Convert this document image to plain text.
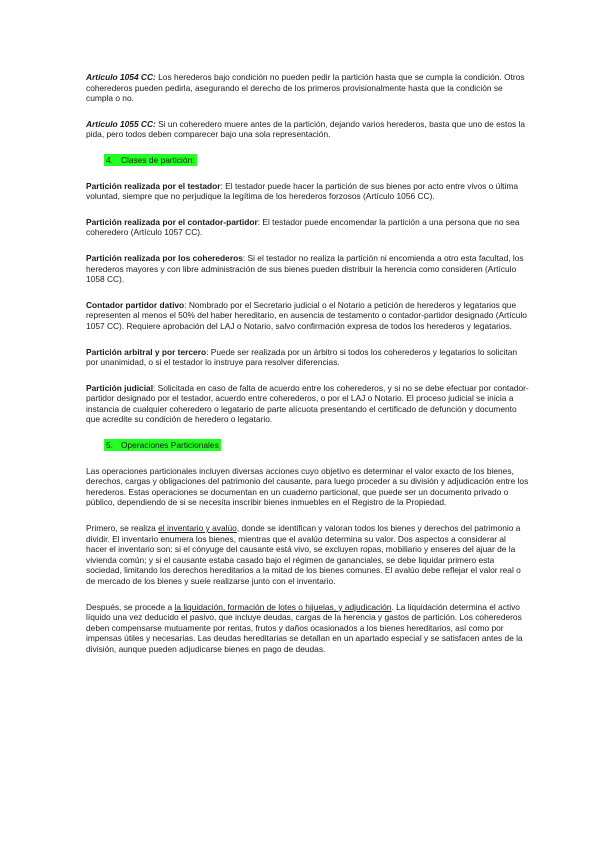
Artículo 1054 CC: Los herederos bajo condición no pueden pedir la partición hasta que se cumpla la condición. Otros coherederos pueden pedirla, asegurando el derecho de los primeros provisionalmente hasta que la condición se cumpla o no.

Artículo 1055 CC: Si un coheredero muere antes de la partición, dejando varios herederos, basta que uno de estos la pida, pero todos deben comparecer bajo una sola representación.

4. Clases de partición:

Partición realizada por el testador: El testador puede hacer la partición de sus bienes por acto entre vivos o última voluntad, siempre que no perjudique la legítima de los herederos forzosos (Artículo 1056 CC).

Partición realizada por el contador-partidor: El testador puede encomendar la partición a una persona que no sea coheredero (Artículo 1057 CC).

Partición realizada por los coherederos: Si el testador no realiza la partición ni encomienda a otro esta facultad, los herederos mayores y con libre administración de sus bienes pueden distribuir la herencia como consideren (Artículo 1058 CC).

Contador partidor dativo: Nombrado por el Secretario judicial o el Notario a petición de herederos y legatarios que representen al menos el 50% del haber hereditario, en ausencia de testamento o contador-partidor designado (Artículo 1057 CC). Requiere aprobación del LAJ o Notario, salvo confirmación expresa de todos los herederos y legatarios.

Partición arbitral y por tercero: Puede ser realizada por un árbitro si todos los coherederos y legatarios lo solicitan por unanimidad, o si el testador lo instruye para resolver diferencias.

Partición judicial: Solicitada en caso de falta de acuerdo entre los coherederos, y si no se debe efectuar por contador-partidor designado por el testador, acuerdo entre coherederos, o por el LAJ o Notario. El proceso judicial se inicia a instancia de cualquier coheredero o legatario de parte alícuota presentando el certificado de defunción y documento que acredite su condición de heredero o legatario.

5. Operaciones Particionales

Las operaciones particionales incluyen diversas acciones cuyo objetivo es determinar el valor exacto de los bienes, derechos, cargas y obligaciones del patrimonio del causante, para luego proceder a su división y adjudicación entre los herederos. Estas operaciones se documentan en un cuaderno particional, que puede ser un documento privado o público, dependiendo de si se necesita inscribir bienes inmuebles en el Registro de la Propiedad.

Primero, se realiza el inventario y avalúo, donde se identifican y valoran todos los bienes y derechos del patrimonio a dividir. El inventario enumera los bienes, mientras que el avalúo determina su valor. Dos aspectos a considerar al hacer el inventario son: si el cónyuge del causante está vivo, se excluyen ropas, mobiliario y enseres del ajuar de la vivienda común; y si el causante estaba casado bajo el régimen de gananciales, se debe liquidar primero esta sociedad, limitando los derechos hereditarios a la mitad de los bienes comunes. El avalúo debe reflejar el valor real o de mercado de los bienes y suele realizarse junto con el inventario.

Después, se procede a la liquidación, formación de lotes o hijuelas, y adjudicación. La liquidación determina el activo líquido una vez deducido el pasivo, que incluye deudas, cargas de la herencia y gastos de partición. Los coherederos deben compensarse mutuamente por rentas, frutos y daños ocasionados a los bienes hereditarios, así como por impensas útiles y necesarias. Las deudas hereditarias se detallan en un apartado especial y se satisfacen antes de la división, aunque pueden adjudicarse bienes en pago de deudas.
